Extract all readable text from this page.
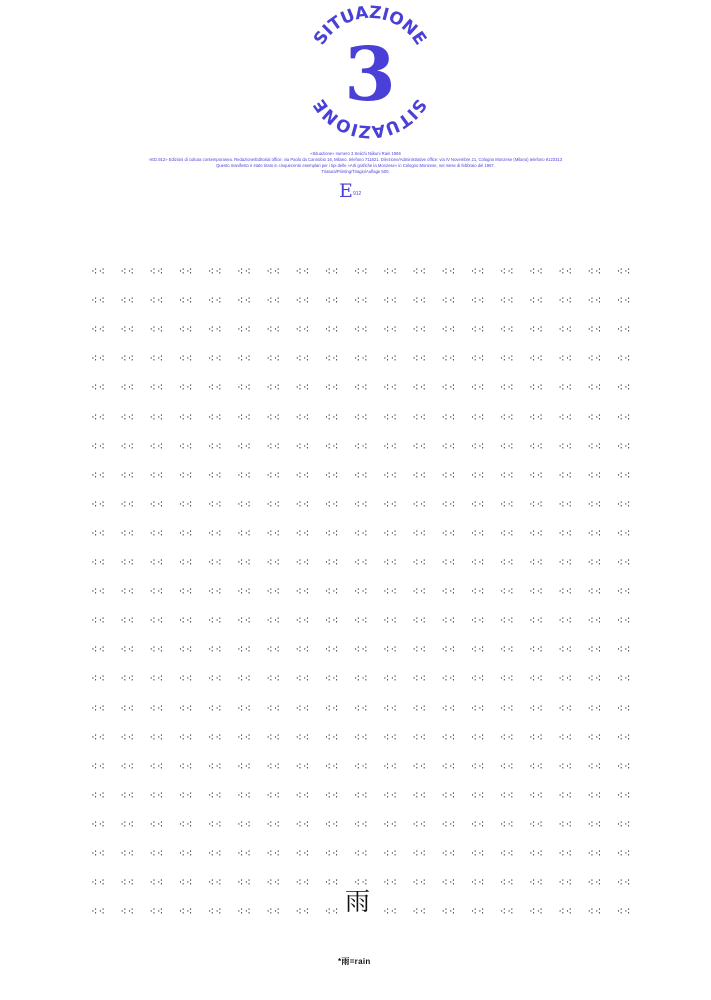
SITUAZIONE
SITUAZIONE 3
«Situazione» numero 3 Seiichi Niikuni Rain 1966
«ED.912» Edizioni di cultura contemporanea. Redazione/Editorial office: via Paolo da Cannobio 16, Milano, telefono 711821. Direzione/Administrative office: via IV Novembre 21, Cologno Monzese (Milano) telefono 9123313
Questo manifesto è stato tirato in cinquecento esemplari per i tipi delle «Arti grafiche la Monzese» in Cologno Monzese, nel mese di febbraio del 1967.
Tiratura/Printing/Tiragio/Auflage 500.
E 912
⁖⁖ ⁖⁖ ⁖⁖ ⁖⁖ ⁖⁖ ⁖⁖ ⁖⁖ ⁖⁖ ⁖⁖ ⁖⁖ ⁖⁖ ⁖⁖ ⁖⁖ ⁖⁖ ⁖⁖ ⁖⁖ ⁖⁖ ⁖⁖ ⁖⁖
⁖⁖ ⁖⁖ ⁖⁖ ⁖⁖ ⁖⁖ ⁖⁖ ⁖⁖ ⁖⁖ ⁖⁖ ⁖⁖ ⁖⁖ ⁖⁖ ⁖⁖ ⁖⁖ ⁖⁖ ⁖⁖ ⁖⁖ ⁖⁖ ⁖⁖
⁖⁖ ⁖⁖ ⁖⁖ ⁖⁖ ⁖⁖ ⁖⁖ ⁖⁖ ⁖⁖ ⁖⁖ ⁖⁖ ⁖⁖ ⁖⁖ ⁖⁖ ⁖⁖ ⁖⁖ ⁖⁖ ⁖⁖ ⁖⁖ ⁖⁖
⁖⁖ ⁖⁖ ⁖⁖ ⁖⁖ ⁖⁖ ⁖⁖ ⁖⁖ ⁖⁖ ⁖⁖ ⁖⁖ ⁖⁖ ⁖⁖ ⁖⁖ ⁖⁖ ⁖⁖ ⁖⁖ ⁖⁖ ⁖⁖ ⁖⁖
⁖⁖ ⁖⁖ ⁖⁖ ⁖⁖ ⁖⁖ ⁖⁖ ⁖⁖ ⁖⁖ ⁖⁖ ⁖⁖ ⁖⁖ ⁖⁖ ⁖⁖ ⁖⁖ ⁖⁖ ⁖⁖ ⁖⁖ ⁖⁖ ⁖⁖
⁖⁖ ⁖⁖ ⁖⁖ ⁖⁖ ⁖⁖ ⁖⁖ ⁖⁖ ⁖⁖ ⁖⁖ ⁖⁖ ⁖⁖ ⁖⁖ ⁖⁖ ⁖⁖ ⁖⁖ ⁖⁖ ⁖⁖ ⁖⁖ ⁖⁖
⁖⁖ ⁖⁖ ⁖⁖ ⁖⁖ ⁖⁖ ⁖⁖ ⁖⁖ ⁖⁖ ⁖⁖ ⁖⁖ ⁖⁖ ⁖⁖ ⁖⁖ ⁖⁖ ⁖⁖ ⁖⁖ ⁖⁖ ⁖⁖ ⁖⁖
⁖⁖ ⁖⁖ ⁖⁖ ⁖⁖ ⁖⁖ ⁖⁖ ⁖⁖ ⁖⁖ ⁖⁖ ⁖⁖ ⁖⁖ ⁖⁖ ⁖⁖ ⁖⁖ ⁖⁖ ⁖⁖ ⁖⁖ ⁖⁖ ⁖⁖
⁖⁖ ⁖⁖ ⁖⁖ ⁖⁖ ⁖⁖ ⁖⁖ ⁖⁖ ⁖⁖ ⁖⁖ ⁖⁖ ⁖⁖ ⁖⁖ ⁖⁖ ⁖⁖ ⁖⁖ ⁖⁖ ⁖⁖ ⁖⁖ ⁖⁖
⁖⁖ ⁖⁖ ⁖⁖ ⁖⁖ ⁖⁖ ⁖⁖ ⁖⁖ ⁖⁖ ⁖⁖ ⁖⁖ ⁖⁖ ⁖⁖ ⁖⁖ ⁖⁖ ⁖⁖ ⁖⁖ ⁖⁖ ⁖⁖ ⁖⁖
⁖⁖ ⁖⁖ ⁖⁖ ⁖⁖ ⁖⁖ ⁖⁖ ⁖⁖ ⁖⁖ ⁖⁖ ⁖⁖ ⁖⁖ ⁖⁖ ⁖⁖ ⁖⁖ ⁖⁖ ⁖⁖ ⁖⁖ ⁖⁖ ⁖⁖
⁖⁖ ⁖⁖ ⁖⁖ ⁖⁖ ⁖⁖ ⁖⁖ ⁖⁖ ⁖⁖ ⁖⁖ ⁖⁖ ⁖⁖ ⁖⁖ ⁖⁖ ⁖⁖ ⁖⁖ ⁖⁖ ⁖⁖ ⁖⁖ ⁖⁖
⁖⁖ ⁖⁖ ⁖⁖ ⁖⁖ ⁖⁖ ⁖⁖ ⁖⁖ ⁖⁖ ⁖⁖ ⁖⁖ ⁖⁖ ⁖⁖ ⁖⁖ ⁖⁖ ⁖⁖ ⁖⁖ ⁖⁖ ⁖⁖ ⁖⁖
⁖⁖ ⁖⁖ ⁖⁖ ⁖⁖ ⁖⁖ ⁖⁖ ⁖⁖ ⁖⁖ ⁖⁖ ⁖⁖ ⁖⁖ ⁖⁖ ⁖⁖ ⁖⁖ ⁖⁖ ⁖⁖ ⁖⁖ ⁖⁖ ⁖⁖
⁖⁖ ⁖⁖ ⁖⁖ ⁖⁖ ⁖⁖ ⁖⁖ ⁖⁖ ⁖⁖ ⁖⁖ ⁖⁖ ⁖⁖ ⁖⁖ ⁖⁖ ⁖⁖ ⁖⁖ ⁖⁖ ⁖⁖ ⁖⁖ ⁖⁖
⁖⁖ ⁖⁖ ⁖⁖ ⁖⁖ ⁖⁖ ⁖⁖ ⁖⁖ ⁖⁖ ⁖⁖ ⁖⁖ ⁖⁖ ⁖⁖ ⁖⁖ ⁖⁖ ⁖⁖ ⁖⁖ ⁖⁖ ⁖⁖ ⁖⁖
⁖⁖ ⁖⁖ ⁖⁖ ⁖⁖ ⁖⁖ ⁖⁖ ⁖⁖ ⁖⁖ ⁖⁖ ⁖⁖ ⁖⁖ ⁖⁖ ⁖⁖ ⁖⁖ ⁖⁖ ⁖⁖ ⁖⁖ ⁖⁖ ⁖⁖
⁖⁖ ⁖⁖ ⁖⁖ ⁖⁖ ⁖⁖ ⁖⁖ ⁖⁖ ⁖⁖ ⁖⁖ ⁖⁖ ⁖⁖ ⁖⁖ ⁖⁖ ⁖⁖ ⁖⁖ ⁖⁖ ⁖⁖ ⁖⁖ ⁖⁖
⁖⁖ ⁖⁖ ⁖⁖ ⁖⁖ ⁖⁖ ⁖⁖ ⁖⁖ ⁖⁖ ⁖⁖ ⁖⁖ ⁖⁖ ⁖⁖ ⁖⁖ ⁖⁖ ⁖⁖ ⁖⁖ ⁖⁖ ⁖⁖ ⁖⁖
⁖⁖ ⁖⁖ ⁖⁖ ⁖⁖ ⁖⁖ ⁖⁖ ⁖⁖ ⁖⁖ ⁖⁖ ⁖⁖ ⁖⁖ ⁖⁖ ⁖⁖ ⁖⁖ ⁖⁖ ⁖⁖ ⁖⁖ ⁖⁖ ⁖⁖
⁖⁖ ⁖⁖ ⁖⁖ ⁖⁖ ⁖⁖ ⁖⁖ ⁖⁖ ⁖⁖ ⁖⁖ ⁖⁖ ⁖⁖ ⁖⁖ ⁖⁖ ⁖⁖ ⁖⁖ ⁖⁖ ⁖⁖ ⁖⁖ ⁖⁖
⁖⁖ ⁖⁖ ⁖⁖ ⁖⁖ ⁖⁖ ⁖⁖ ⁖⁖ ⁖⁖ ⁖⁖ ⁖⁖ ⁖⁖ ⁖⁖ ⁖⁖ ⁖⁖ ⁖⁖ ⁖⁖ ⁖⁖ ⁖⁖ ⁖⁖
⁖⁖ ⁖⁖ ⁖⁖ ⁖⁖ ⁖⁖ ⁖⁖ ⁖⁖ ⁖⁖ ⁖⁖	⁖⁖ ⁖⁖ ⁖⁖ ⁖⁖ ⁖⁖ ⁖⁖ ⁖⁖ ⁖⁖ ⁖⁖
雨
*雨=rain
